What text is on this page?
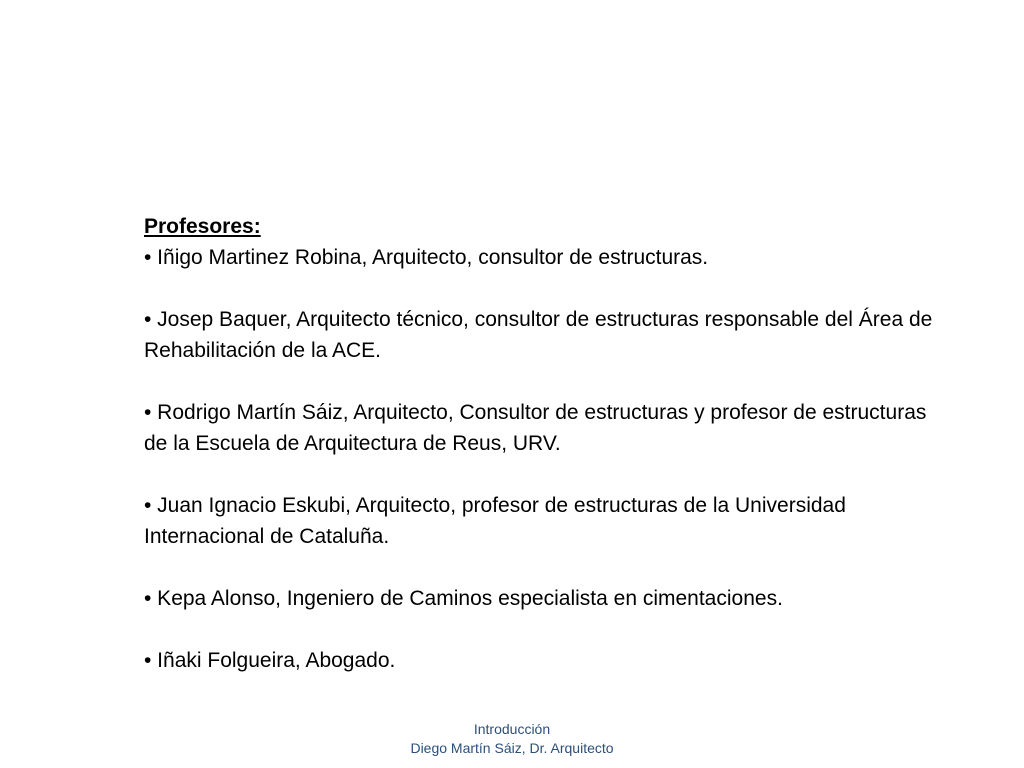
Profesores:

• Iñigo Martinez Robina, Arquitecto, consultor de estructuras.

• Josep Baquer, Arquitecto técnico, consultor de estructuras responsable del Área de Rehabilitación de la ACE.

• Rodrigo Martín Sáiz, Arquitecto, Consultor de estructuras y profesor de estructuras de la Escuela de Arquitectura de Reus, URV.

• Juan Ignacio Eskubi, Arquitecto, profesor de estructuras de la Universidad Internacional de Cataluña.

• Kepa Alonso, Ingeniero de Caminos especialista en cimentaciones.

• Iñaki Folgueira, Abogado.

Introducción
Diego Martín Sáiz, Dr. Arquitecto
